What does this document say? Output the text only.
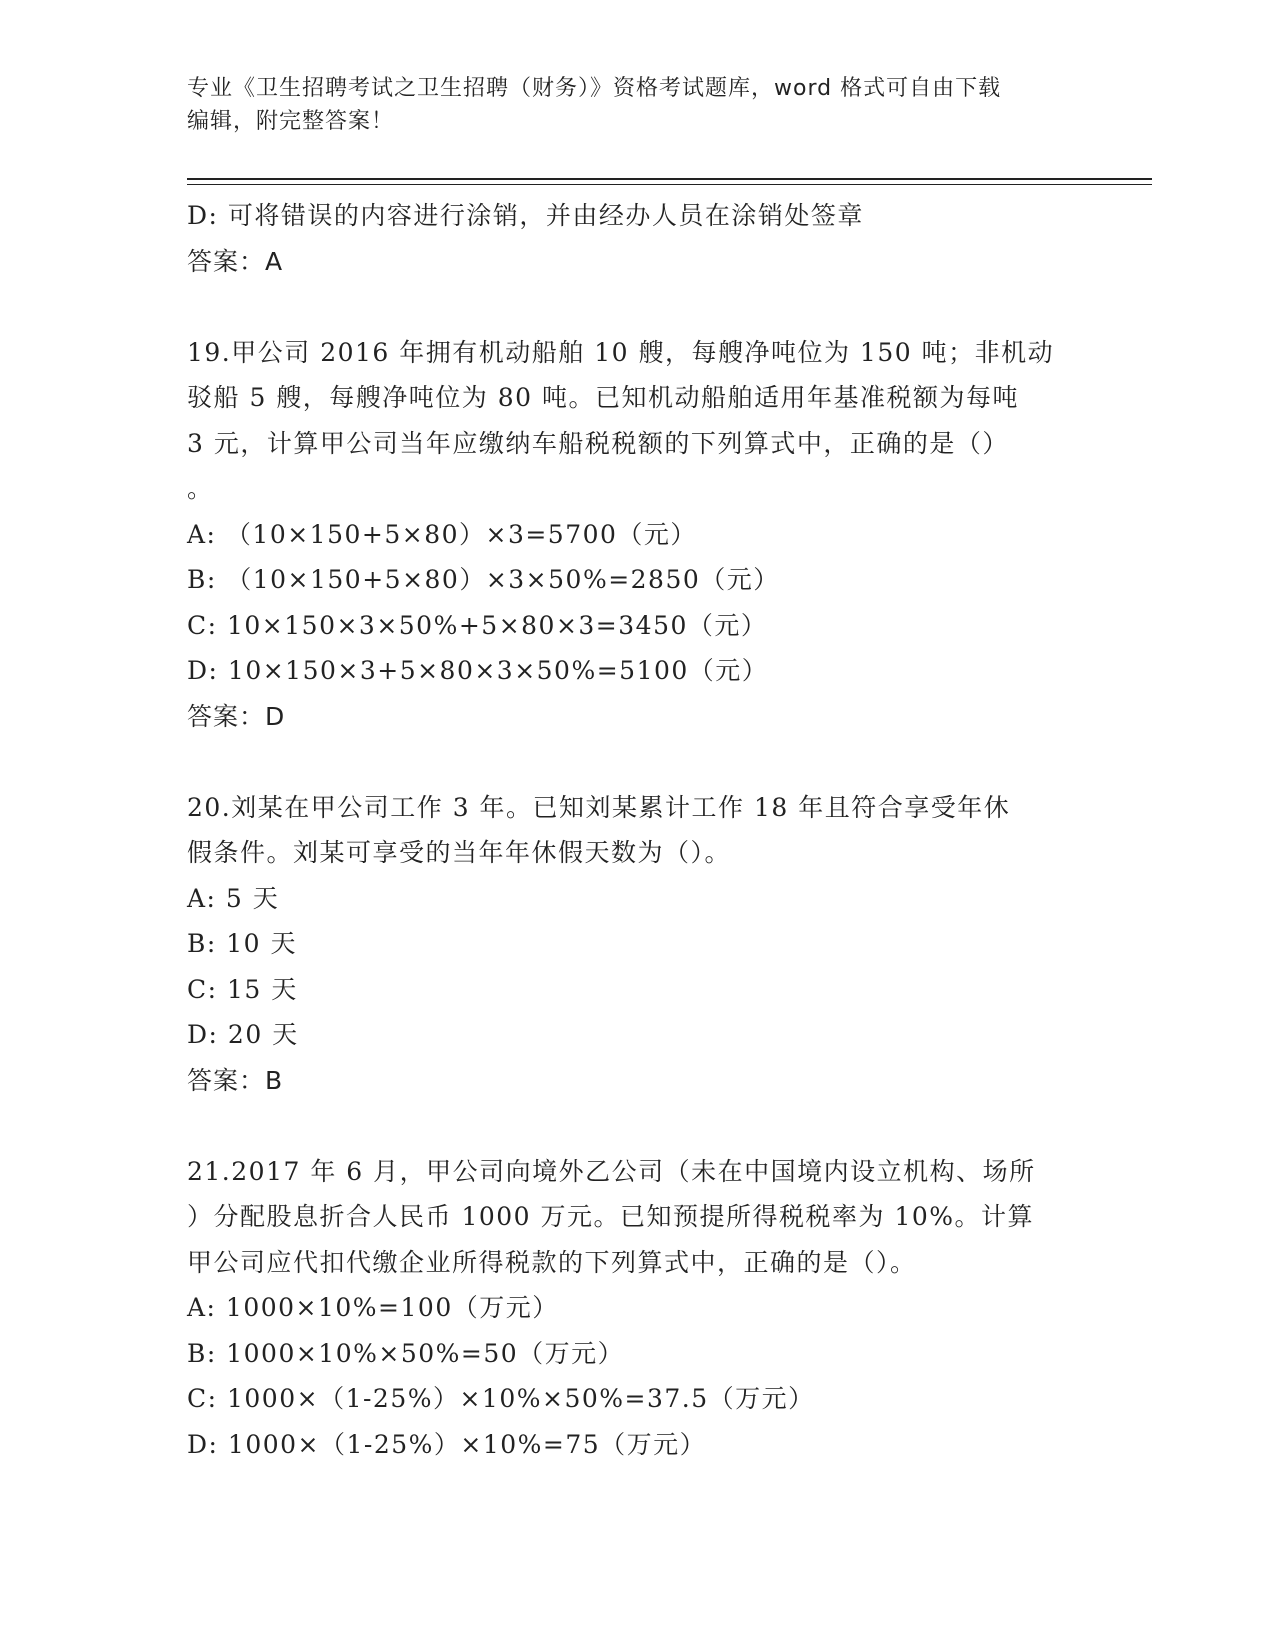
专业《卫生招聘考试之卫生招聘（财务）》资格考试题库，word 格式可自由下载
编辑，附完整答案！
D: 可将错误的内容进行涂销，并由经办人员在涂销处签章
答案：A
19.甲公司 2016 年拥有机动船舶 10 艘，每艘净吨位为 150 吨；非机动
驳船 5 艘，每艘净吨位为 80 吨。已知机动船舶适用年基准税额为每吨
3 元，计算甲公司当年应缴纳车船税税额的下列算式中，正确的是（）
。
A: （10×150+5×80）×3=5700（元）
B: （10×150+5×80）×3×50%=2850（元）
C: 10×150×3×50%+5×80×3=3450（元）
D: 10×150×3+5×80×3×50%=5100（元）
答案：D
20.刘某在甲公司工作 3 年。已知刘某累计工作 18 年且符合享受年休
假条件。刘某可享受的当年年休假天数为（）。
A: 5 天
B: 10 天
C: 15 天
D: 20 天
答案：B
21.2017 年 6 月，甲公司向境外乙公司（未在中国境内设立机构、场所
）分配股息折合人民币 1000 万元。已知预提所得税税率为 10%。计算
甲公司应代扣代缴企业所得税款的下列算式中，正确的是（）。
A: 1000×10%=100（万元）
B: 1000×10%×50%=50（万元）
C: 1000×（1-25%）×10%×50%=37.5（万元）
D: 1000×（1-25%）×10%=75（万元）
